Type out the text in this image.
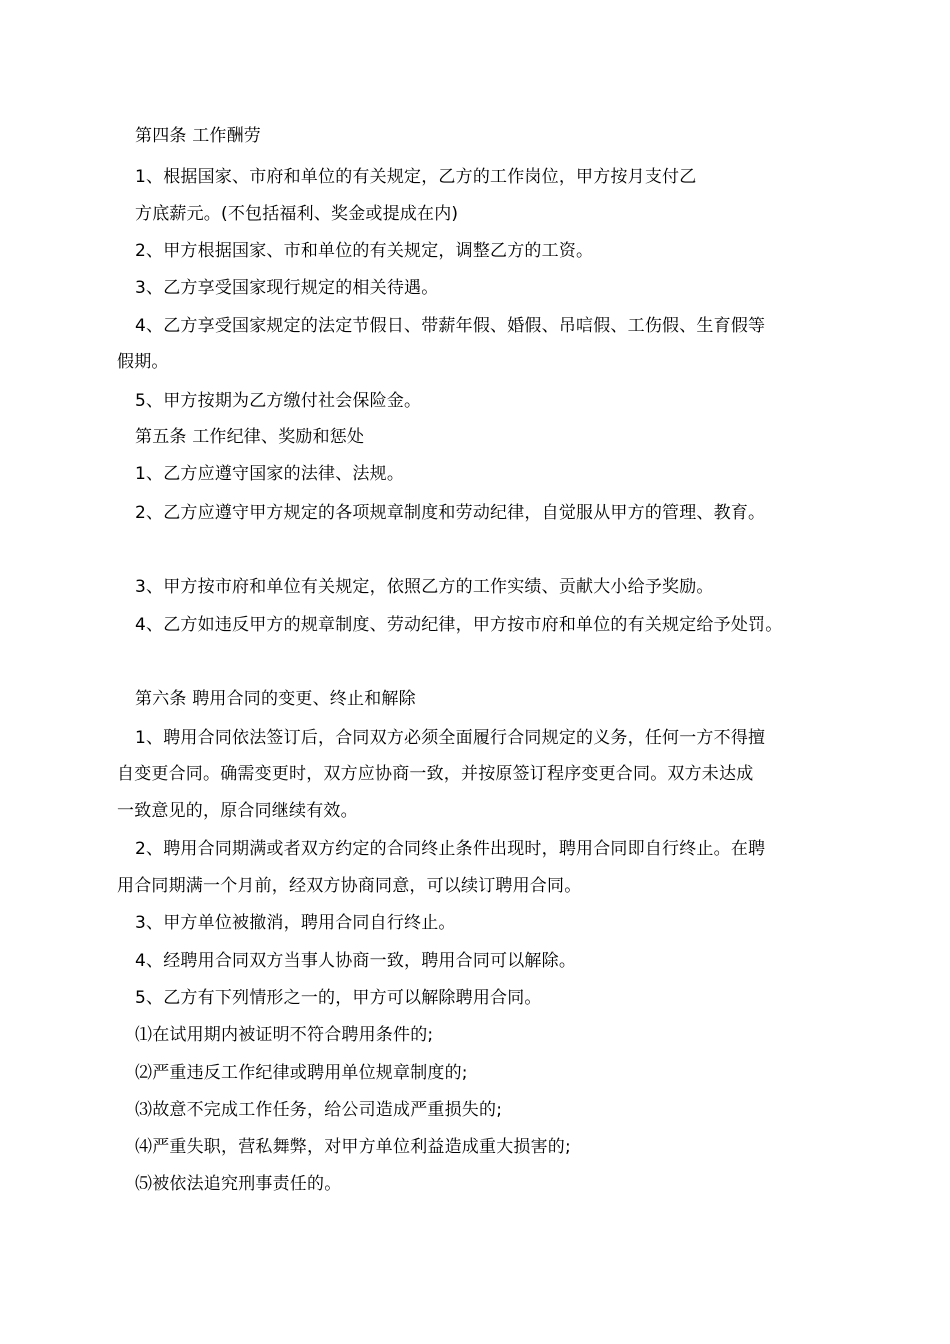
第四条 工作酬劳
1、根据国家、市府和单位的有关规定，乙方的工作岗位，甲方按月支付乙
方底薪元。(不包括福利、奖金或提成在内)
2、甲方根据国家、市和单位的有关规定，调整乙方的工资。
3、乙方享受国家现行规定的相关待遇。
4、乙方享受国家规定的法定节假日、带薪年假、婚假、吊唁假、工伤假、生育假等
假期。
5、甲方按期为乙方缴付社会保险金。
第五条 工作纪律、奖励和惩处
1、乙方应遵守国家的法律、法规。
2、乙方应遵守甲方规定的各项规章制度和劳动纪律，自觉服从甲方的管理、教育。
3、甲方按市府和单位有关规定，依照乙方的工作实绩、贡献大小给予奖励。
4、乙方如违反甲方的规章制度、劳动纪律，甲方按市府和单位的有关规定给予处罚。
第六条 聘用合同的变更、终止和解除
1、聘用合同依法签订后，合同双方必须全面履行合同规定的义务，任何一方不得擅
自变更合同。确需变更时，双方应协商一致，并按原签订程序变更合同。双方未达成
一致意见的，原合同继续有效。
2、聘用合同期满或者双方约定的合同终止条件出现时，聘用合同即自行终止。在聘
用合同期满一个月前，经双方协商同意，可以续订聘用合同。
3、甲方单位被撤消，聘用合同自行终止。
4、经聘用合同双方当事人协商一致，聘用合同可以解除。
5、乙方有下列情形之一的，甲方可以解除聘用合同。
⑴在试用期内被证明不符合聘用条件的;
⑵严重违反工作纪律或聘用单位规章制度的;
⑶故意不完成工作任务，给公司造成严重损失的;
⑷严重失职，营私舞弊，对甲方单位利益造成重大损害的;
⑸被依法追究刑事责任的。
